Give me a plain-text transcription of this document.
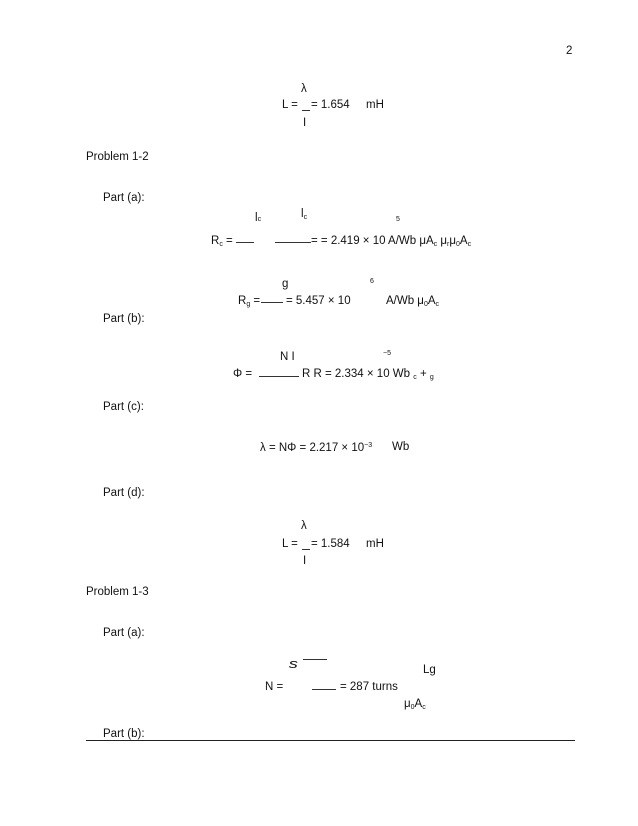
2
λ
L = = 1.654 mH
I
Problem 1-2
Part (a):
lc	lc	5
$R_c$ =	= = 2.419 × 10 A/Wb $\mu A_c$ $\mu_r\mu_0A_c$
g	6
$R_g$ = = 5.457 × 10	A/Wb $\mu_0A_c$
Part (b):
N I	−5
Φ =	R R = 2.334 × 10 Wb $_c$ + $_g$
Part (c):
$\lambda = N\Phi = 2.217 \times 10^{-3}$ Wb
Part (d):
λ
L = = 1.584 mH
I
Problem 1-3
Part (a):
s	Lg
N =	= 287 turns
$\mu_0A_c$
Part (b):
